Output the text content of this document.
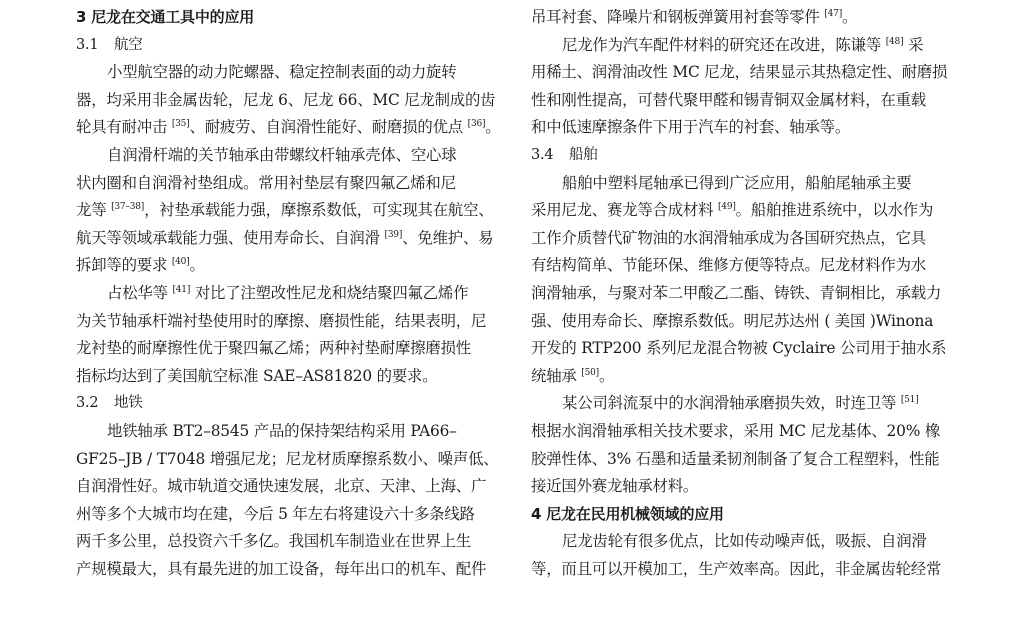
3 尼龙在交通工具中的应用
3.1 航空
小型航空器的动力陀螺器、稳定控制表面的动力旋转
器，均采用非金属齿轮，尼龙 6、尼龙 66、MC 尼龙制成的齿
轮具有耐冲击 [35]、耐疲劳、自润滑性能好、耐磨损的优点 [36]。
自润滑杆端的关节轴承由带螺纹杆轴承壳体、空心球
状内圈和自润滑衬垫组成。常用衬垫层有聚四氟乙烯和尼
龙等 [37–38]，衬垫承载能力强，摩擦系数低，可实现其在航空、
航天等领域承载能力强、使用寿命长、自润滑 [39]、免维护、易
拆卸等的要求 [40]。
占松华等 [41] 对比了注塑改性尼龙和烧结聚四氟乙烯作
为关节轴承杆端衬垫使用时的摩擦、磨损性能，结果表明，尼
龙衬垫的耐摩擦性优于聚四氟乙烯；两种衬垫耐摩擦磨损性
指标均达到了美国航空标准 SAE–AS81820 的要求。
3.2 地铁
地铁轴承 BT2–8545 产品的保持架结构采用 PA66–
GF25–JB / T7048 增强尼龙；尼龙材质摩擦系数小、噪声低、
自润滑性好。城市轨道交通快速发展，北京、天津、上海、广
州等多个大城市均在建，今后 5 年左右将建设六十多条线路
两千多公里，总投资六千多亿。我国机车制造业在世界上生
产规模最大，具有最先进的加工设备，每年出口的机车、配件
吊耳衬套、降噪片和钢板弹簧用衬套等零件 [47]。
尼龙作为汽车配件材料的研究还在改进，陈谦等 [48] 采
用稀土、润滑油改性 MC 尼龙，结果显示其热稳定性、耐磨损
性和刚性提高，可替代聚甲醛和锡青铜双金属材料，在重载
和中低速摩擦条件下用于汽车的衬套、轴承等。
3.4 船舶
船舶中塑料尾轴承已得到广泛应用，船舶尾轴承主要
采用尼龙、赛龙等合成材料 [49]。船舶推进系统中，以水作为
工作介质替代矿物油的水润滑轴承成为各国研究热点，它具
有结构简单、节能环保、维修方便等特点。尼龙材料作为水
润滑轴承，与聚对苯二甲酸乙二酯、铸铁、青铜相比，承载力
强、使用寿命长、摩擦系数低。明尼苏达州 ( 美国 )Winona
开发的 RTP200 系列尼龙混合物被 Cyclaire 公司用于抽水系
统轴承 [50]。
某公司斜流泵中的水润滑轴承磨损失效，时连卫等 [51]
根据水润滑轴承相关技术要求，采用 MC 尼龙基体、20% 橡
胶弹性体、3% 石墨和适量柔韧剂制备了复合工程塑料，性能
接近国外赛龙轴承材料。
4 尼龙在民用机械领域的应用
尼龙齿轮有很多优点，比如传动噪声低，吸振、自润滑
等，而且可以开模加工，生产效率高。因此，非金属齿轮经常
